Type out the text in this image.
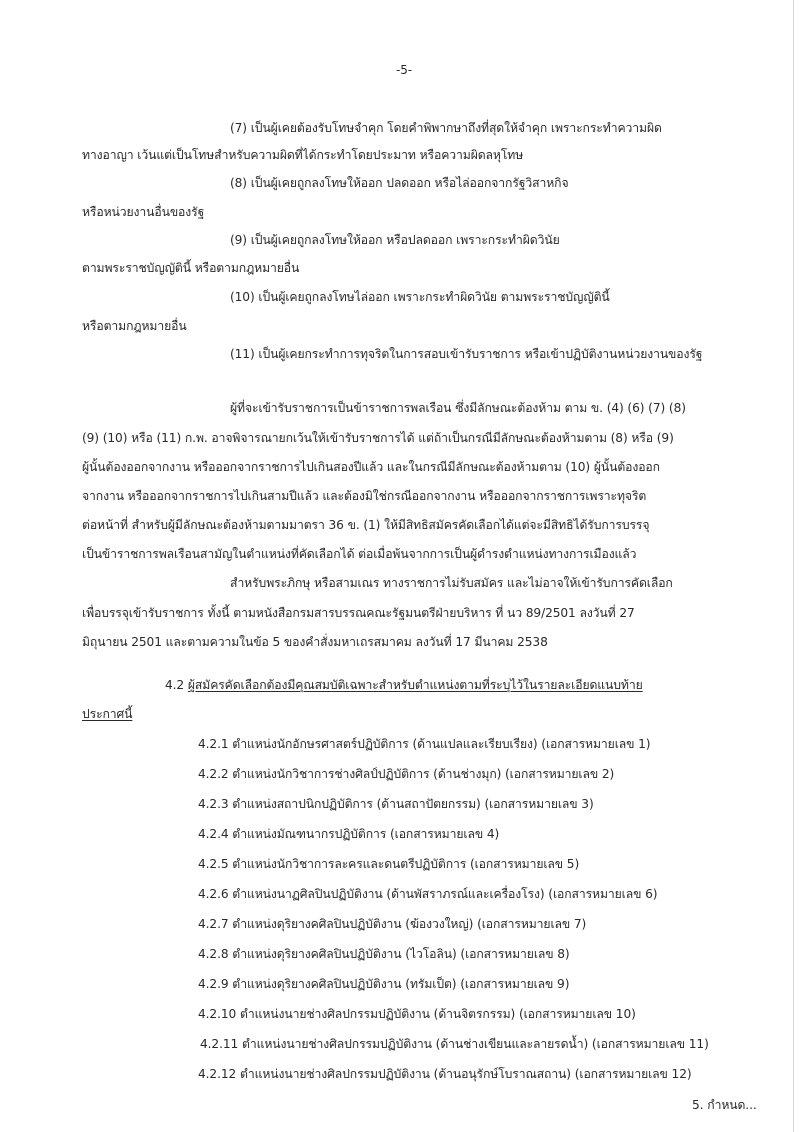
-5-
(7) เป็นผู้เคยต้องรับโทษจำคุก โดยคำพิพากษาถึงที่สุดให้จำคุก เพราะกระทำความผิด
ทางอาญา เว้นแต่เป็นโทษสำหรับความผิดที่ได้กระทำโดยประมาท หรือความผิดลหุโทษ
(8) เป็นผู้เคยถูกลงโทษให้ออก ปลดออก หรือไล่ออกจากรัฐวิสาหกิจ
หรือหน่วยงานอื่นของรัฐ
(9) เป็นผู้เคยถูกลงโทษให้ออก หรือปลดออก เพราะกระทำผิดวินัย
ตามพระราชบัญญัตินี้ หรือตามกฎหมายอื่น
(10) เป็นผู้เคยถูกลงโทษไล่ออก เพราะกระทำผิดวินัย ตามพระราชบัญญัตินี้
หรือตามกฎหมายอื่น
(11) เป็นผู้เคยกระทำการทุจริตในการสอบเข้ารับราชการ หรือเข้าปฏิบัติงานหน่วยงานของรัฐ
ผู้ที่จะเข้ารับราชการเป็นข้าราชการพลเรือน ซึ่งมีลักษณะต้องห้าม ตาม ข. (4) (6) (7) (8)
(9) (10) หรือ (11) ก.พ. อาจพิจารณายกเว้นให้เข้ารับราชการได้ แต่ถ้าเป็นกรณีมีลักษณะต้องห้ามตาม (8) หรือ (9)
ผู้นั้นต้องออกจากงาน หรือออกจากราชการไปเกินสองปีแล้ว และในกรณีมีลักษณะต้องห้ามตาม (10) ผู้นั้นต้องออก
จากงาน หรือออกจากราชการไปเกินสามปีแล้ว และต้องมิใช่กรณีออกจากงาน หรือออกจากราชการเพราะทุจริต
ต่อหน้าที่ สำหรับผู้มีลักษณะต้องห้ามตามมาตรา 36 ข. (1) ให้มีสิทธิสมัครคัดเลือกได้แต่จะมีสิทธิได้รับการบรรจุ
เป็นข้าราชการพลเรือนสามัญในตำแหน่งที่คัดเลือกได้ ต่อเมื่อพ้นจากการเป็นผู้ดำรงตำแหน่งทางการเมืองแล้ว
สำหรับพระภิกษุ หรือสามเณร ทางราชการไม่รับสมัคร และไม่อาจให้เข้ารับการคัดเลือก
เพื่อบรรจุเข้ารับราชการ ทั้งนี้ ตามหนังสือกรมสารบรรณคณะรัฐมนตรีฝ่ายบริหาร ที่ นว 89/2501 ลงวันที่ 27
มิถุนายน 2501 และตามความในข้อ 5 ของคำสั่งมหาเถรสมาคม ลงวันที่ 17 มีนาคม 2538
4.2 ผู้สมัครคัดเลือกต้องมีคุณสมบัติเฉพาะสำหรับตำแหน่งตามที่ระบุไว้ในรายละเอียดแนบท้าย
ประกาศนี้
4.2.1 ตำแหน่งนักอักษรศาสตร์ปฏิบัติการ (ด้านแปลและเรียบเรียง) (เอกสารหมายเลข 1)
4.2.2 ตำแหน่งนักวิชาการช่างศิลป์ปฏิบัติการ (ด้านช่างมุก) (เอกสารหมายเลข 2)
4.2.3 ตำแหน่งสถาปนิกปฏิบัติการ (ด้านสถาปัตยกรรม) (เอกสารหมายเลข 3)
4.2.4 ตำแหน่งมัณฑนากรปฏิบัติการ (เอกสารหมายเลข 4)
4.2.5 ตำแหน่งนักวิชาการละครและดนตรีปฏิบัติการ (เอกสารหมายเลข 5)
4.2.6 ตำแหน่งนาฏศิลปินปฏิบัติงาน (ด้านพัสราภรณ์และเครื่องโรง) (เอกสารหมายเลข 6)
4.2.7 ตำแหน่งดุริยางคศิลปินปฏิบัติงาน (ฆ้องวงใหญ่) (เอกสารหมายเลข 7)
4.2.8 ตำแหน่งดุริยางคศิลปินปฏิบัติงาน (ไวโอลิน) (เอกสารหมายเลข 8)
4.2.9 ตำแหน่งดุริยางคศิลปินปฏิบัติงาน (ทรัมเป็ต) (เอกสารหมายเลข 9)
4.2.10 ตำแหน่งนายช่างศิลปกรรมปฏิบัติงาน (ด้านจิตรกรรม) (เอกสารหมายเลข 10)
4.2.11 ตำแหน่งนายช่างศิลปกรรมปฏิบัติงาน (ด้านช่างเขียนและลายรดน้ำ) (เอกสารหมายเลข 11)
4.2.12 ตำแหน่งนายช่างศิลปกรรมปฏิบัติงาน (ด้านอนุรักษ์โบราณสถาน) (เอกสารหมายเลข 12)
5. กำหนด...
